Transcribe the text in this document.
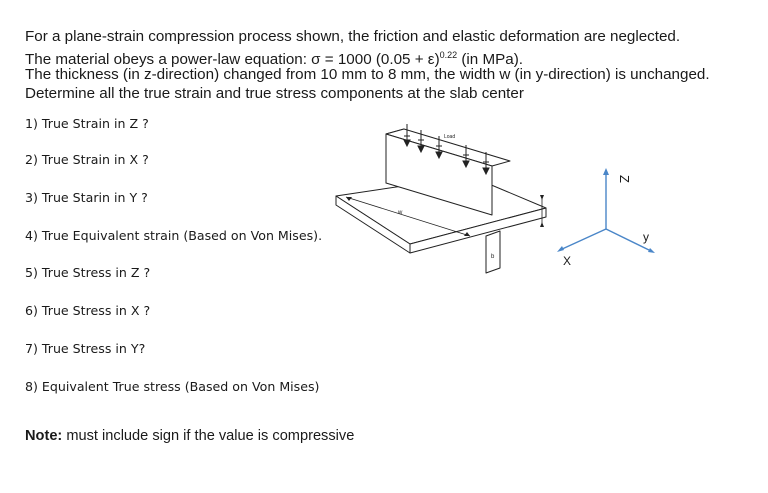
For a plane-strain compression process shown, the friction and elastic deformation are neglected.
The material obeys a power-law equation: σ = 1000 $(0.05 + \varepsilon)^{0.22}$ (in MPa).
The thickness (in z-direction) changed from 10 mm to 8 mm, the width w (in y-direction) is unchanged.
Determine all the true strain and true stress components at the slab center
1) True Strain in Z ?
2) True Strain in X ?
3) True Starin in Y ?
4) True Equivalent strain (Based on Von Mises).
5) True Stress in Z ?
6) True Stress in X ?
7) True Stress in Y?
8) Equivalent True stress (Based on Von Mises)
Note: must include sign if the value is compressive
w
b
Load
Z
X
y
